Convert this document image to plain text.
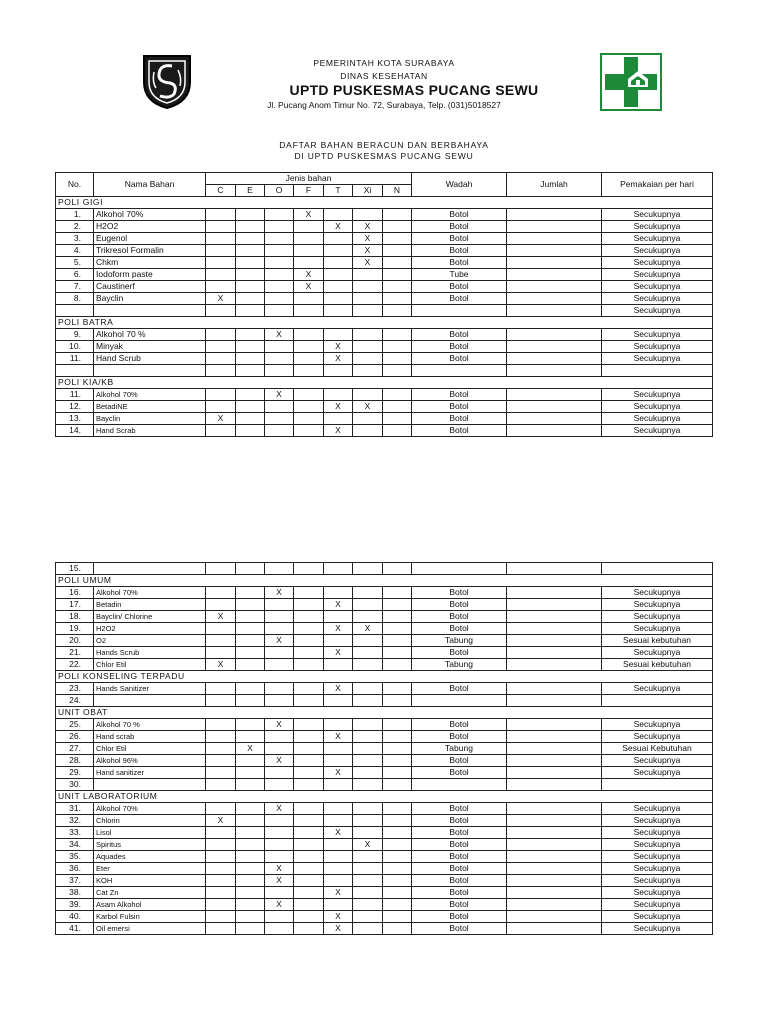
PEMERINTAH KOTA SURABAYA
DINAS KESEHATAN
UPTD PUSKESMAS PUCANG SEWU
Jl. Pucang Anom Timur No. 72, Surabaya, Telp. (031)5018527
DAFTAR BAHAN BERACUN DAN BERBAHAYA
DI UPTD PUSKESMAS PUCANG SEWU
No.	Nama Bahan	Jenis bahan							Wadah	Jumlah	Pemakaian per hari
		C	E	O	F	T	Xi	N			
POLI GIGI											
1.	Alkohol 70%				X				Botol		Secukupnya
2.	H2O2					X	X		Botol		Secukupnya
3.	Eugenol						X		Botol		Secukupnya
4.	Trikresol Formalin						X		Botol		Secukupnya
5.	Chkm						X		Botol		Secukupnya
6.	Iodoform paste				X				Tube		Secukupnya
7.	Caustinerf				X				Botol		Secukupnya
8.	Bayclin	X							Botol		Secukupnya
											Secukupnya
POLI BATRA											
9.	Alkohol 70 %			X					Botol		Secukupnya
10.	Minyak					X			Botol		Secukupnya
11.	Hand Scrub					X			Botol		Secukupnya

POLI KIA/KB											
11.	Alkohol 70%			X					Botol		Secukupnya
12.	BetadiNE					X	X		Botol		Secukupnya
13.	Bayclin	X							Botol		Secukupnya
14.	Hand Scrab					X			Botol		Secukupnya
15.											
POLI UMUM											
16.	Alkohol 70%			X					Botol		Secukupnya
17.	Betadin					X			Botol		Secukupnya
18.	Bayclin/ Chlorine	X							Botol		Secukupnya
19.	H2O2					X	X		Botol		Secukupnya
20.	O2			X					Tabung		Sesuai kebutuhan
21.	Hands Scrub					X			Botol		Secukupnya
22.	Chlor Etil	X							Tabung		Sesuai kebutuhan
POLI KONSELING TERPADU											
23.	Hands Sanitizer					X			Botol		Secukupnya
24.											
UNIT OBAT											
25.	Alkohol 70 %			X					Botol		Secukupnya
26.	Hand scrab					X			Botol		Secukupnya
27.	Chlor Etil		X						Tabung		Sesuai Kebutuhan
28.	Alkohol 96%			X					Botol		Secukupnya
29.	Hand sanitizer					X			Botol		Secukupnya
30.											
UNIT LABORATORIUM											
31.	Alkohol 70%			X					Botol		Secukupnya
32.	Chlorin	X							Botol		Secukupnya
33.	Lisol					X			Botol		Secukupnya
34.	Spiritus						X		Botol		Secukupnya
35.	Aquades								Botol		Secukupnya
36.	Eter			X					Botol		Secukupnya
37.	KOH			X					Botol		Secukupnya
38.	Cat Zn					X			Botol		Secukupnya
39.	Asam Alkohol			X					Botol		Secukupnya
40.	Karbol Fulsin					X			Botol		Secukupnya
41.	Oil emersi					X			Botol		Secukupnya
